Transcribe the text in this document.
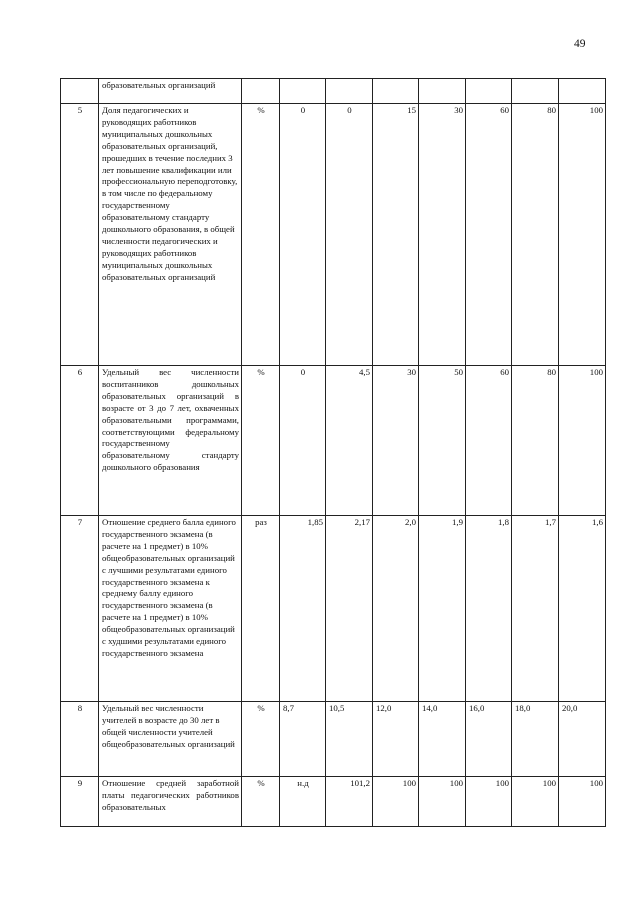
49
	образовательных организаций								
5	Доля педагогических и руководящих работников муниципальных дошкольных образовательных организаций, прошедших в течение последних 3 лет повышение квалификации или профессиональную переподготовку, в том числе по федеральному государственному образовательному стандарту дошкольного образования, в общей численности педагогических и руководящих работников муниципальных дошкольных образовательных организаций	%	0	0	15	30	60	80	100
6	Удельный вес численности воспитанников дошкольных образовательных организаций в возрасте от 3 до 7 лет, охваченных образовательными программами, соответствующими федеральному государственному образовательному стандарту дошкольного образования	%	0	4,5	30	50	60	80	100
7	Отношение среднего балла единого государственного экзамена (в расчете на 1 предмет) в 10% общеобразовательных организаций с лучшими результатами единого государственного экзамена к среднему баллу единого государственного экзамена (в расчете на 1 предмет) в 10% общеобразовательных организаций с худшими результатами единого государственного экзамена	раз	1,85	2,17	2,0	1,9	1,8	1,7	1,6
8	Удельный вес численности учителей в возрасте до 30 лет в общей численности учителей общеобразовательных организаций	%	8,7	10,5	12,0	14,0	16,0	18,0	20,0
9	Отношение средней заработной платы педагогических работников образовательных	%	н.д	101,2	100	100	100	100	100
